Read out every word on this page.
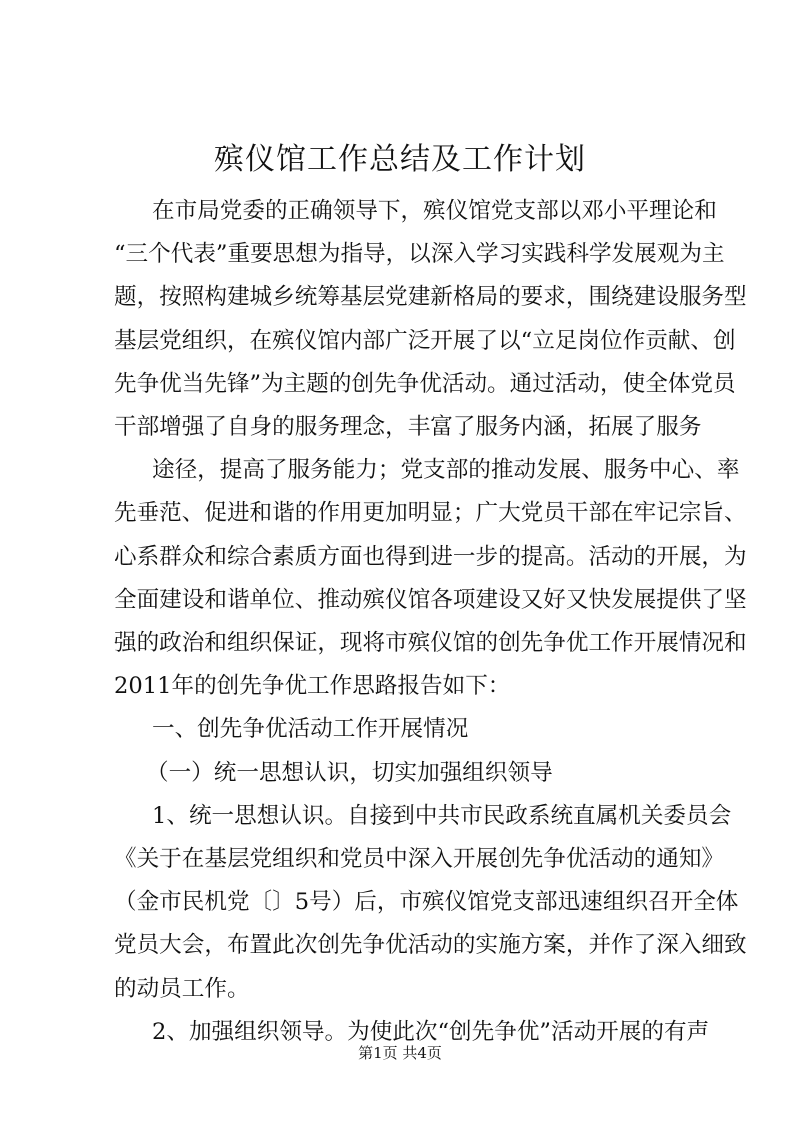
殡仪馆工作总结及工作计划
在市局党委的正确领导下，殡仪馆党支部以邓小平理论和
“三个代表”重要思想为指导，以深入学习实践科学发展观为主
题，按照构建城乡统筹基层党建新格局的要求，围绕建设服务型
基层党组织，在殡仪馆内部广泛开展了以“立足岗位作贡献、创
先争优当先锋”为主题的创先争优活动。通过活动，使全体党员
干部增强了自身的服务理念，丰富了服务内涵，拓展了服务
途径，提高了服务能力；党支部的推动发展、服务中心、率
先垂范、促进和谐的作用更加明显；广大党员干部在牢记宗旨、
心系群众和综合素质方面也得到进一步的提高。活动的开展，为
全面建设和谐单位、推动殡仪馆各项建设又好又快发展提供了坚
强的政治和组织保证，现将市殡仪馆的创先争优工作开展情况和
2011年的创先争优工作思路报告如下：
一、创先争优活动工作开展情况
（一）统一思想认识，切实加强组织领导
1、统一思想认识。自接到中共市民政系统直属机关委员会
《关于在基层党组织和党员中深入开展创先争优活动的通知》
（金市民机党〔〕5号）后，市殡仪馆党支部迅速组织召开全体
党员大会，布置此次创先争优活动的实施方案，并作了深入细致
的动员工作。
第1页 共4页
2、加强组织领导。为使此次“创先争优”活动开展的有声
